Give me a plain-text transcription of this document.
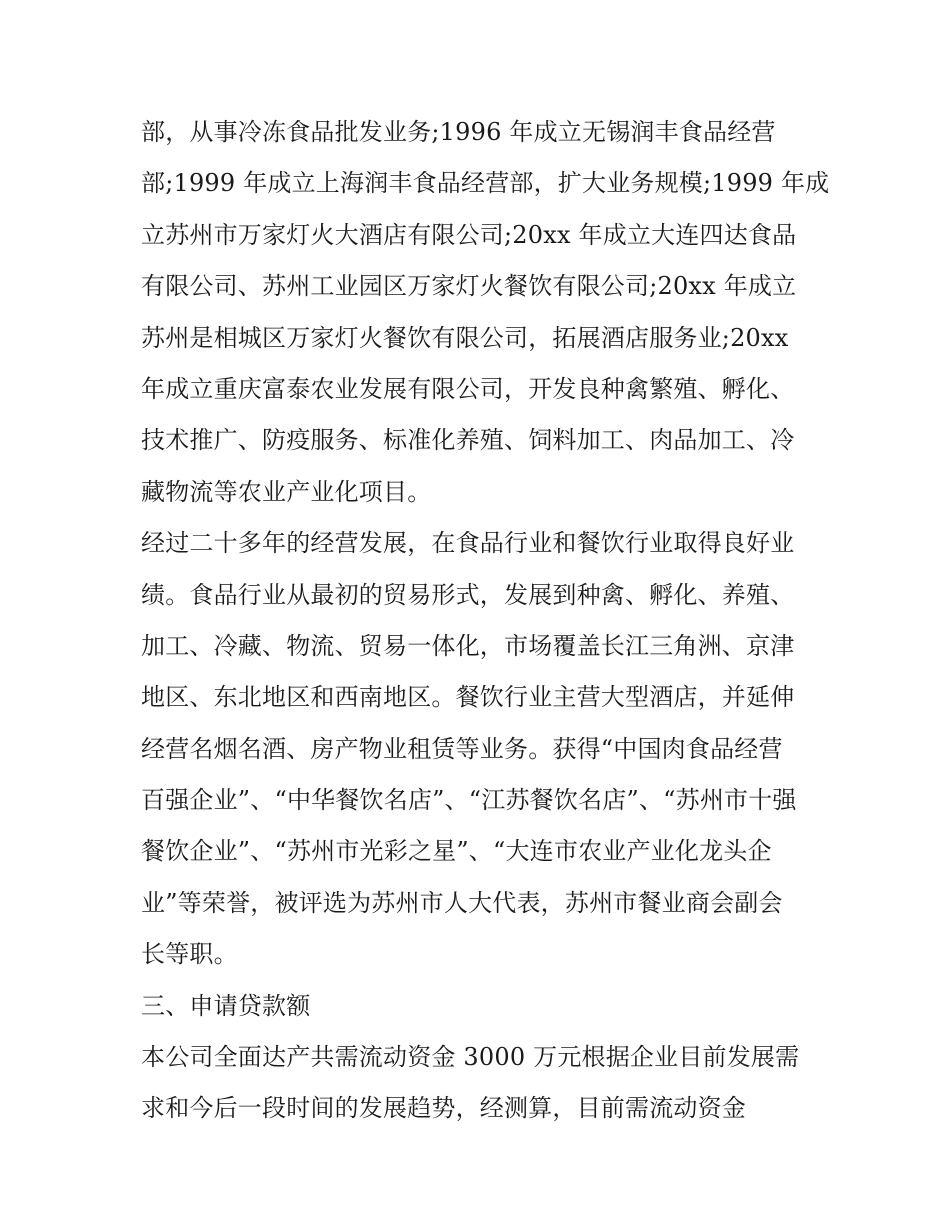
部，从事冷冻食品批发业务;1996 年成立无锡润丰食品经营
部;1999 年成立上海润丰食品经营部，扩大业务规模;1999 年成
立苏州市万家灯火大酒店有限公司;20xx 年成立大连四达食品
有限公司、苏州工业园区万家灯火餐饮有限公司;20xx 年成立
苏州是相城区万家灯火餐饮有限公司，拓展酒店服务业;20xx
年成立重庆富泰农业发展有限公司，开发良种禽繁殖、孵化、
技术推广、防疫服务、标准化养殖、饲料加工、肉品加工、冷
藏物流等农业产业化项目。
经过二十多年的经营发展，在食品行业和餐饮行业取得良好业
绩。食品行业从最初的贸易形式，发展到种禽、孵化、养殖、
加工、冷藏、物流、贸易一体化，市场覆盖长江三角洲、京津
地区、东北地区和西南地区。餐饮行业主营大型酒店，并延伸
经营名烟名酒、房产物业租赁等业务。获得“中国肉食品经营
百强企业”、“中华餐饮名店”、“江苏餐饮名店”、“苏州市十强
餐饮企业”、“苏州市光彩之星”、“大连市农业产业化龙头企
业”等荣誉，被评选为苏州市人大代表，苏州市餐业商会副会
长等职。
三、申请贷款额
本公司全面达产共需流动资金 3000 万元根据企业目前发展需
求和今后一段时间的发展趋势，经测算，目前需流动资金
